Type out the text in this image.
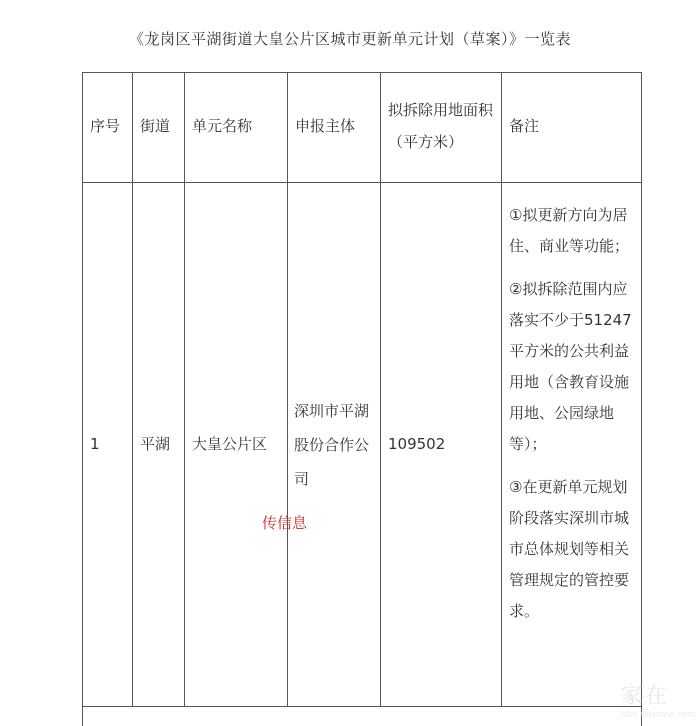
《龙岗区平湖街道大皇公片区城市更新单元计划（草案）》一览表
序号 街道 单元名称	申报主体
拟拆除用地面积（平方米）
备注
1	平湖 大皇公片区
深圳市平湖股份合作公司
109502

①拟更新方向为居住、商业等功能；

②拟拆除范围内应落实不少于51247平方米的公共利益用地（含教育设施用地、公园绿地等）；

③在更新单元规划阶段落实深圳市城市总体规划等相关管理规定的管控要求。

传信息
家在
bbs.szhome.com
